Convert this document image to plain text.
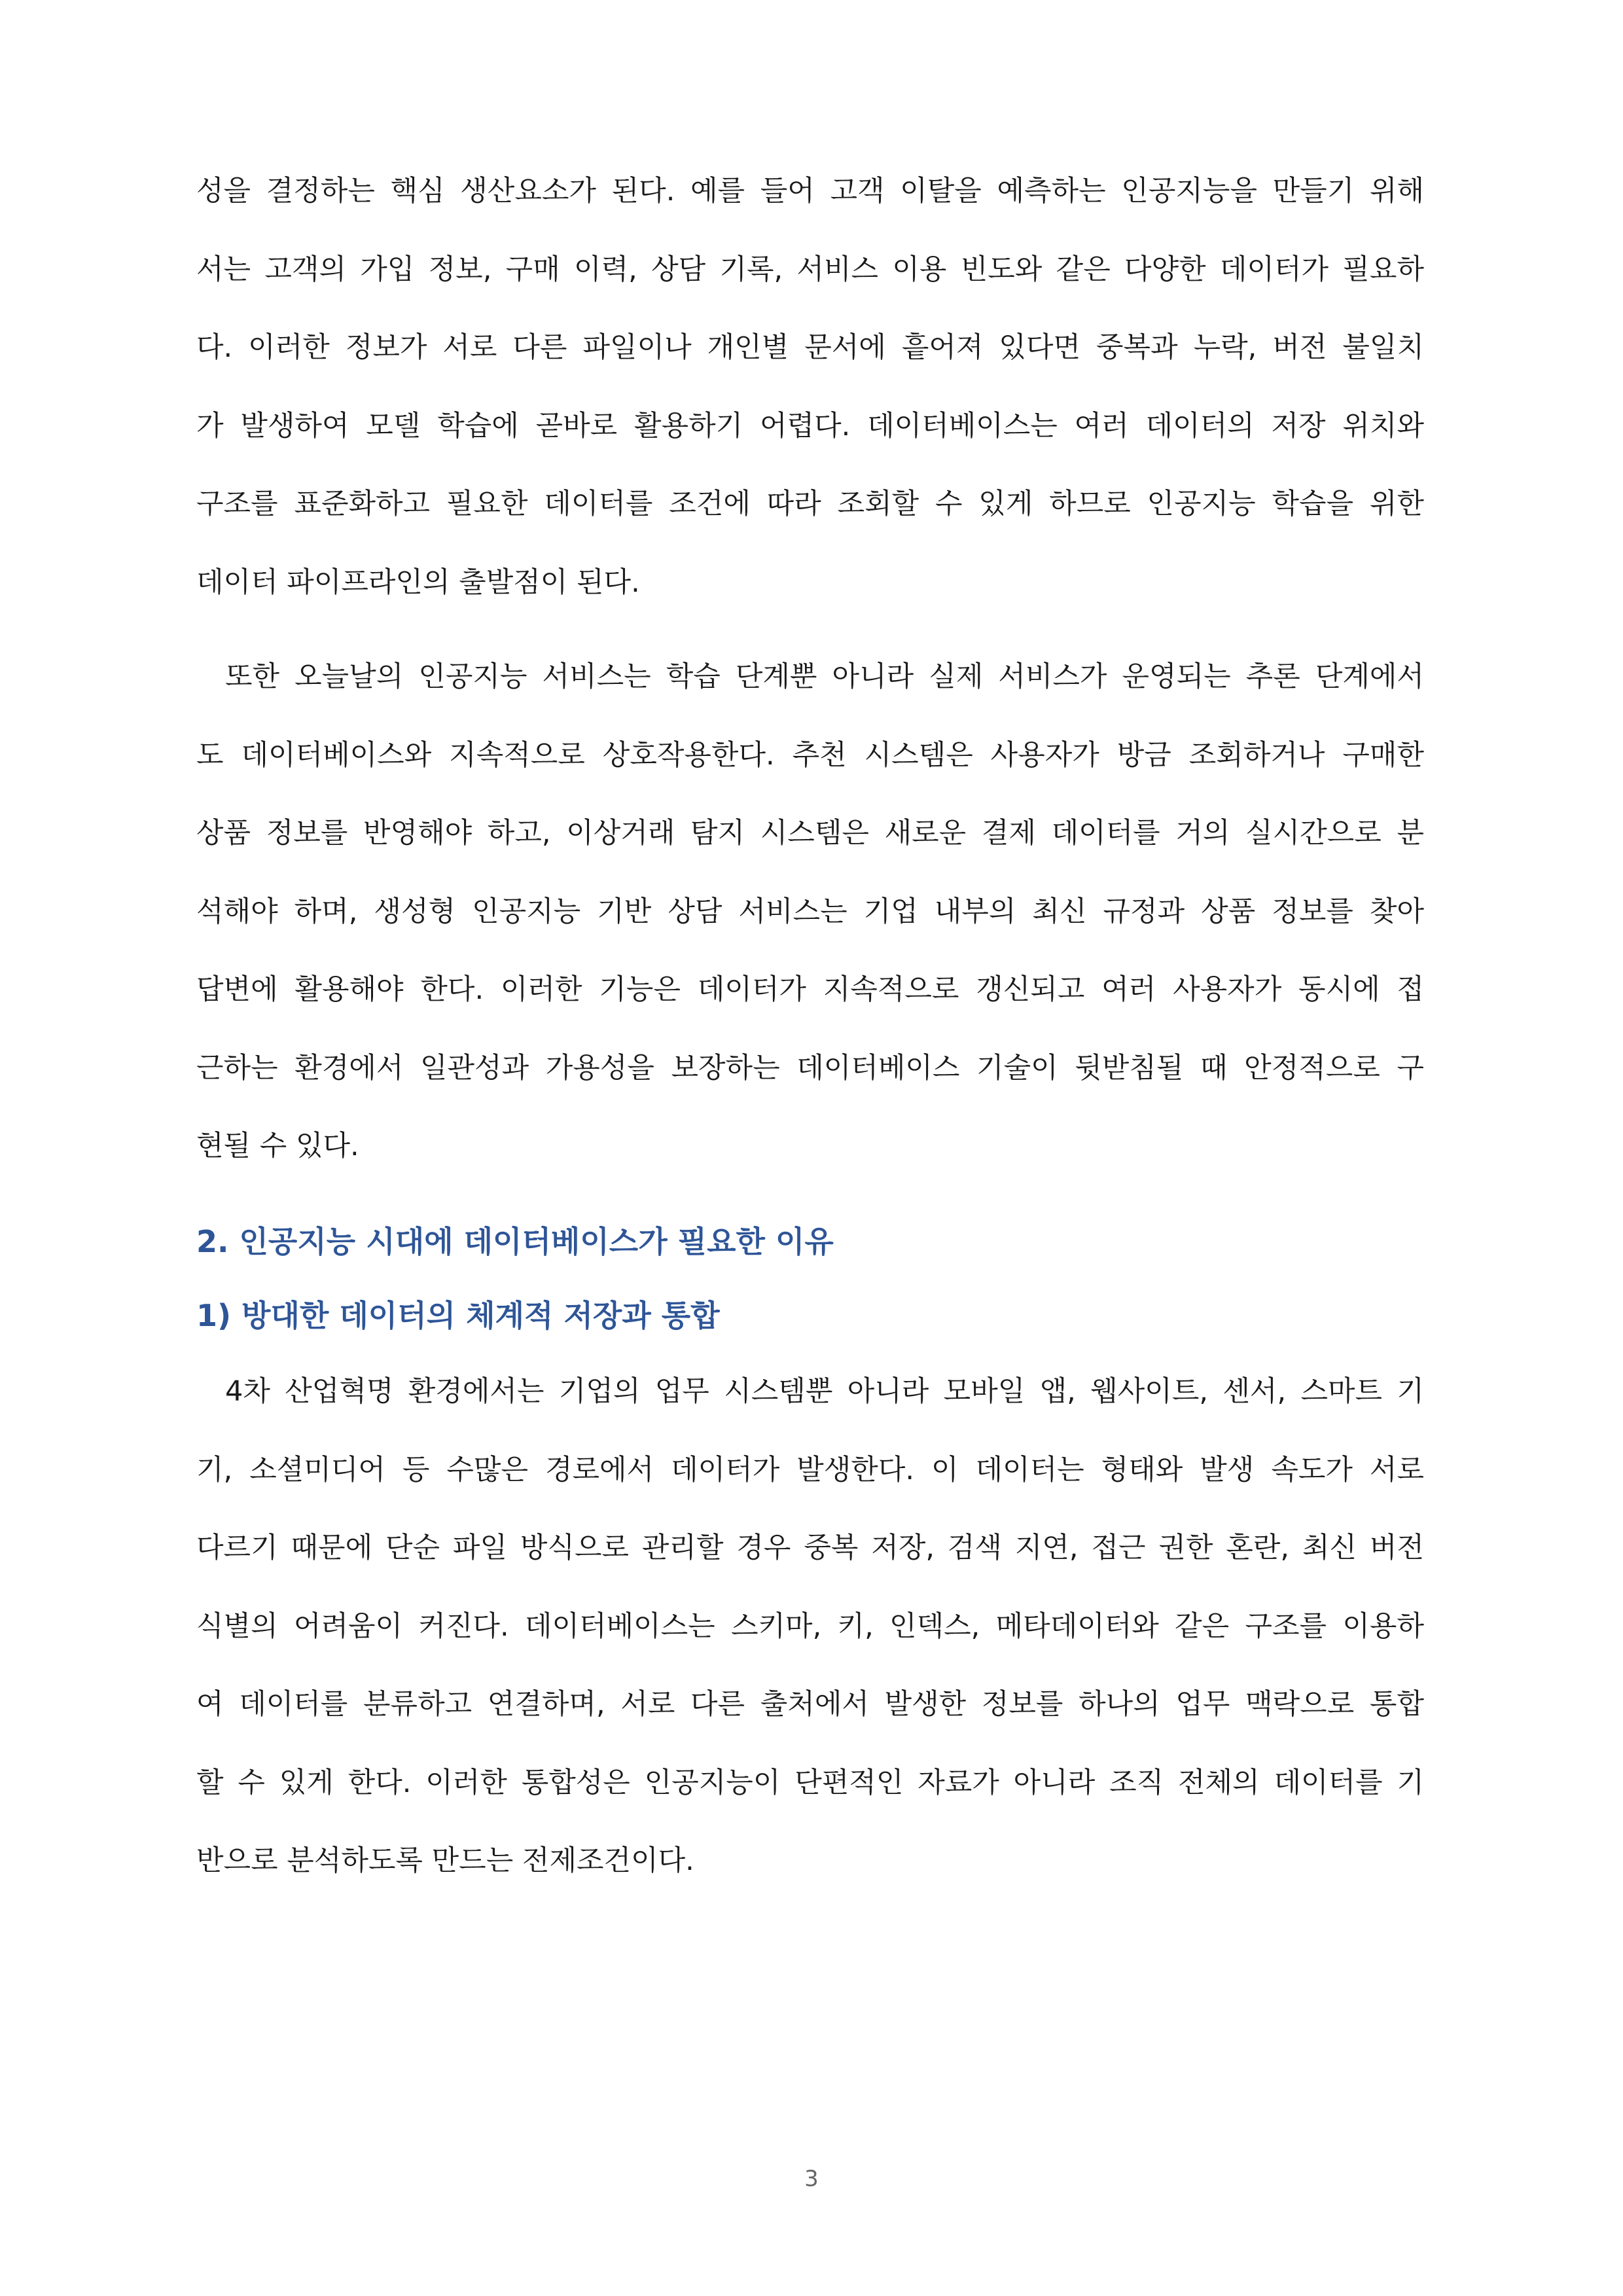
성을 결정하는 핵심 생산요소가 된다. 예를 들어 고객 이탈을 예측하는 인공지능을 만들기 위해

서는 고객의 가입 정보, 구매 이력, 상담 기록, 서비스 이용 빈도와 같은 다양한 데이터가 필요하

다. 이러한 정보가 서로 다른 파일이나 개인별 문서에 흩어져 있다면 중복과 누락, 버전 불일치

가 발생하여 모델 학습에 곧바로 활용하기 어렵다. 데이터베이스는 여러 데이터의 저장 위치와

구조를 표준화하고 필요한 데이터를 조건에 따라 조회할 수 있게 하므로 인공지능 학습을 위한

데이터 파이프라인의 출발점이 된다.

또한 오늘날의 인공지능 서비스는 학습 단계뿐 아니라 실제 서비스가 운영되는 추론 단계에서

도 데이터베이스와 지속적으로 상호작용한다. 추천 시스템은 사용자가 방금 조회하거나 구매한

상품 정보를 반영해야 하고, 이상거래 탐지 시스템은 새로운 결제 데이터를 거의 실시간으로 분

석해야 하며, 생성형 인공지능 기반 상담 서비스는 기업 내부의 최신 규정과 상품 정보를 찾아

답변에 활용해야 한다. 이러한 기능은 데이터가 지속적으로 갱신되고 여러 사용자가 동시에 접

근하는 환경에서 일관성과 가용성을 보장하는 데이터베이스 기술이 뒷받침될 때 안정적으로 구

현될 수 있다.

2. 인공지능 시대에 데이터베이스가 필요한 이유
1) 방대한 데이터의 체계적 저장과 통합

4차 산업혁명 환경에서는 기업의 업무 시스템뿐 아니라 모바일 앱, 웹사이트, 센서, 스마트 기

기, 소셜미디어 등 수많은 경로에서 데이터가 발생한다. 이 데이터는 형태와 발생 속도가 서로

다르기 때문에 단순 파일 방식으로 관리할 경우 중복 저장, 검색 지연, 접근 권한 혼란, 최신 버전

식별의 어려움이 커진다. 데이터베이스는 스키마, 키, 인덱스, 메타데이터와 같은 구조를 이용하

여 데이터를 분류하고 연결하며, 서로 다른 출처에서 발생한 정보를 하나의 업무 맥락으로 통합

할 수 있게 한다. 이러한 통합성은 인공지능이 단편적인 자료가 아니라 조직 전체의 데이터를 기

반으로 분석하도록 만드는 전제조건이다.

3
